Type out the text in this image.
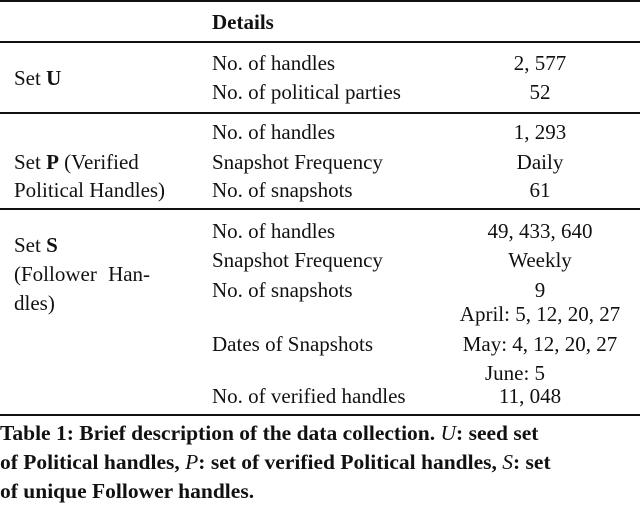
Details
Set U
No. of handles	2, 577
No. of political parties	52
Set P (Verified
Political Handles)
No. of handles	1, 293
Snapshot Frequency	Daily
No. of snapshots	61
Set S
(Follower Han-
dles)
No. of handles	49, 433, 640
Snapshot Frequency	Weekly
No. of snapshots	9
Dates of Snapshots
April: 5, 12, 20, 27
May: 4, 12, 20, 27
June: 5
No. of verified handles	11, 048
Table 1: Brief description of the data collection. U: seed set
of Political handles, P: set of verified Political handles, S: set
of unique Follower handles.
